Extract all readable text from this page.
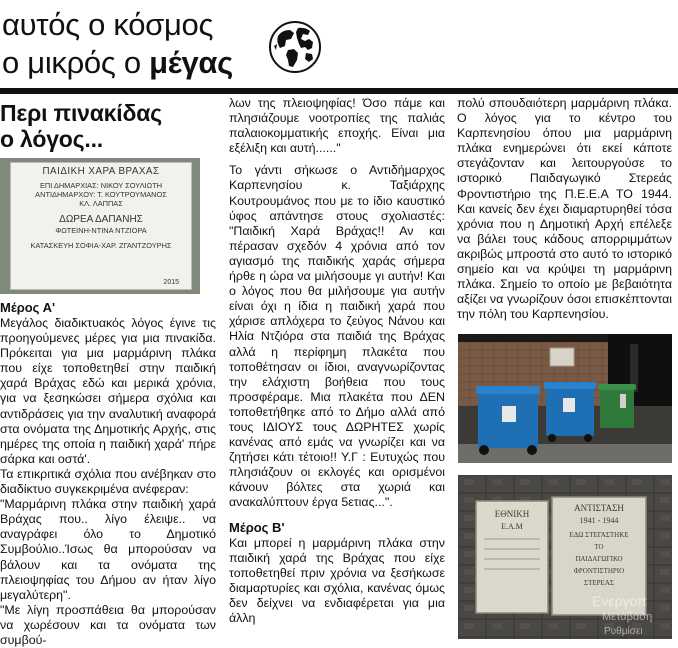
αυτός ο κόσμος
ο μικρός ο μέγας
Περι πινακίδας
ο λόγος...
ΠΑΙΔΙΚΗ ΧΑΡΑ ΒΡΑΧΑΣ
ΕΠΙ ΔΗΜΑΡΧΙΑΣ: ΝΙΚΟΥ ΣΟΥΛΙΩΤΗ
ΑΝΤΙΔΗΜΑΡΧΟΥ: Τ. ΚΟΥΤΡΟΥΜΑΝΟΣ
ΚΛ. ΛΑΠΠΑΣ
ΔΩΡΕΑ ΔΑΠΑΝΗΣ
ΦΩΤΕΙΝΗ-ΝΤΙΝΑ ΝΤΖΙΟΡΑ
ΚΑΤΑΣΚΕΥΗ ΣΟΦΙΑ-ΧΑΡ. ΖΓΑΝΤΖΟΥΡΗΣ
2015
Μέρος Α'

Μεγάλος διαδικτυακός λόγος έγινε τις προηγούμενες μέρες για μια πινακίδα. Πρόκειται για μια μαρμάρινη πλάκα που είχε τοποθετηθεί στην παιδική χαρά Βράχας εδώ και μερικά χρόνια, για να ξεσηκώσει σήμερα σχόλια και αντιδράσεις για την αναλυτική αναφορά στα ονόματα της Δημοτικής Αρχής, στις ημέρες της οποία η παιδική χαρά' πήρε σάρκα και οστά'.

Τα επικριτικά σχόλια που ανέβηκαν στο διαδίκτυο συγκεκριμένα ανέφεραν:

"Μαρμάρινη πλάκα στην παιδική χαρά Βράχας που.. λίγο έλειψε.. να αναγράφει όλο το Δημοτικό Συμβούλιο..Ίσως θα μπορούσαν να βάλουν και τα ονόματα της πλειοψηφίας του Δήμου αν ήταν λίγο μεγαλύτερη".

"Με λίγη προσπάθεια θα μπορούσαν να χωρέσουν και τα ονόματα των συμβού-

λων της πλειοψηφίας! Όσο πάμε και πλησιάζουμε νοοτροπίες της παλιάς παλαιοκομματικής εποχής. Είναι μια εξέλιξη και αυτή......"

Το γάντι σήκωσε ο Αντιδήμαρχος Καρπενησίου κ. Ταξιάρχης Κουτρουμάνος που με το ίδιο καυστικό ύφος απάντησε στους σχολιαστές: "Παιδική Χαρά Βράχας!! Αν και πέρασαν σχεδόν 4 χρόνια από τον αγιασμό της παιδικής χαράς σήμερα ήρθε η ώρα να μιλήσουμε γι αυτήν! Και ο λόγος που θα μιλήσουμε για αυτήν είναι όχι η ίδια η παιδική χαρά που χάρισε απλόχερα το ζεύγος Νάνου και Ηλία Ντζιόρα στα παιδιά της Βράχας αλλά η περίφημη πλακέτα που τοποθέτησαν οι ίδιοι, αναγνωρίζοντας την ελάχιστη βοήθεια που τους προσφέραμε. Μια πλακέτα που ΔΕΝ τοποθετήθηκε από το Δήμο αλλά από τους ΙΔΙΟΥΣ τους ΔΩΡΗΤΕΣ χωρίς κανένας από εμάς να γνωρίζει και να ζητήσει κάτι τέτοιο!! Υ.Γ : Ευτυχώς που πλησιάζουν οι εκλογές και ορισμένοι κάνουν βόλτες στα χωριά και ανακαλύπτουν έργα 5ετιας...".

Μέρος Β'

Και μπορεί η μαρμάρινη πλάκα στην παιδική χαρά της Βράχας που είχε τοποθετηθεί πριν χρόνια να ξεσήκωσε διαμαρτυρίες και σχόλια, κανένας όμως δεν δείχνει να ενδιαφέρεται για μια άλλη

πολύ σπουδαιότερη μαρμάρινη πλάκα. Ο λόγος για το κέντρο του Καρπενησίου όπου μια μαρμάρινη πλάκα ενημερώνει ότι εκεί κάποτε στεγάζονταν και λειτουργούσε το ιστορικό Παιδαγωγικό Στερεάς Φροντιστήριο της Π.Ε.Ε.Α ΤΟ 1944. Και κανείς δεν έχει διαμαρτυρηθεί τόσα χρόνια που η Δημοτική Αρχή επέλεξε να βάλει τους κάδους απορριμμάτων ακριβώς μπροστά στο αυτό το ιστορικό σημείο και να κρύψει τη μαρμάρινη πλάκα. Σημείο το οποίο με βεβαιότητα αξίζει να γνωρίζουν όσοι επισκέπτονται την πόλη του Καρπενησίου.

ΕΘΝΙΚΗ
Ε.Α.Μ
ΑΝΤΙΣΤΑΣΗ
1941 - 1944
ΕΔΩ ΣΤΕΓΑΣΤΗΚΕ
ΤΟ
ΠΑΙΔΑΓΩΓΙΚΟ
ΦΡΟΝΤΙΣΤΗΡΙΟ
ΣΤΕΡΕΑΣ
Ενεργοπ
Μετάβαση
Ρυθμίσει
